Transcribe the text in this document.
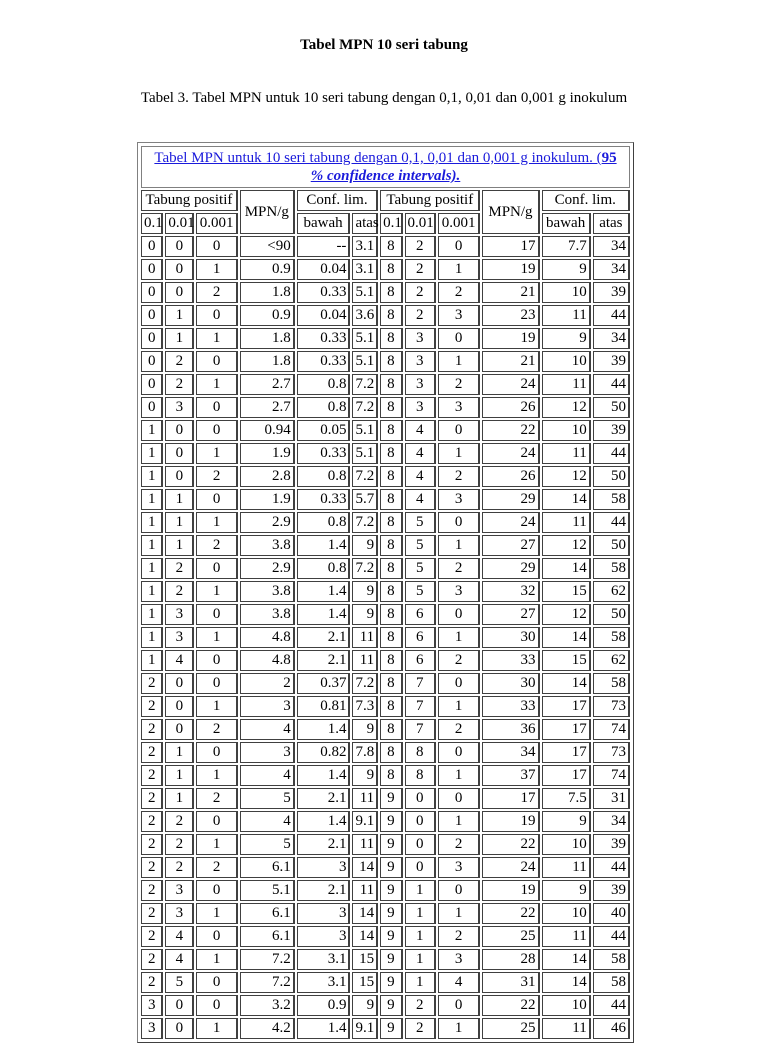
Tabel MPN 10 seri tabung
Tabel 3. Tabel MPN untuk 10 seri tabung dengan 0,1, 0,01 dan 0,001 g inokulum
Tabel MPN untuk 10 seri tabung dengan 0,1, 0,01 dan 0,001 g inokulum. (95
% confidence intervals).											
Tabung positif			MPN/g	Conf. lim.		Tabung positif			MPN/g	Conf. lim.	
0.1	0.01	0.001		bawah	atas	0.1	0.01	0.001		bawah	atas
0	0	0	<90	--	3.1	8	2	0	17	7.7	34
0	0	1	0.9	0.04	3.1	8	2	1	19	9	34
0	0	2	1.8	0.33	5.1	8	2	2	21	10	39
0	1	0	0.9	0.04	3.6	8	2	3	23	11	44
0	1	1	1.8	0.33	5.1	8	3	0	19	9	34
0	2	0	1.8	0.33	5.1	8	3	1	21	10	39
0	2	1	2.7	0.8	7.2	8	3	2	24	11	44
0	3	0	2.7	0.8	7.2	8	3	3	26	12	50
1	0	0	0.94	0.05	5.1	8	4	0	22	10	39
1	0	1	1.9	0.33	5.1	8	4	1	24	11	44
1	0	2	2.8	0.8	7.2	8	4	2	26	12	50
1	1	0	1.9	0.33	5.7	8	4	3	29	14	58
1	1	1	2.9	0.8	7.2	8	5	0	24	11	44
1	1	2	3.8	1.4	9	8	5	1	27	12	50
1	2	0	2.9	0.8	7.2	8	5	2	29	14	58
1	2	1	3.8	1.4	9	8	5	3	32	15	62
1	3	0	3.8	1.4	9	8	6	0	27	12	50
1	3	1	4.8	2.1	11	8	6	1	30	14	58
1	4	0	4.8	2.1	11	8	6	2	33	15	62
2	0	0	2	0.37	7.2	8	7	0	30	14	58
2	0	1	3	0.81	7.3	8	7	1	33	17	73
2	0	2	4	1.4	9	8	7	2	36	17	74
2	1	0	3	0.82	7.8	8	8	0	34	17	73
2	1	1	4	1.4	9	8	8	1	37	17	74
2	1	2	5	2.1	11	9	0	0	17	7.5	31
2	2	0	4	1.4	9.1	9	0	1	19	9	34
2	2	1	5	2.1	11	9	0	2	22	10	39
2	2	2	6.1	3	14	9	0	3	24	11	44
2	3	0	5.1	2.1	11	9	1	0	19	9	39
2	3	1	6.1	3	14	9	1	1	22	10	40
2	4	0	6.1	3	14	9	1	2	25	11	44
2	4	1	7.2	3.1	15	9	1	3	28	14	58
2	5	0	7.2	3.1	15	9	1	4	31	14	58
3	0	0	3.2	0.9	9	9	2	0	22	10	44
3	0	1	4.2	1.4	9.1	9	2	1	25	11	46
